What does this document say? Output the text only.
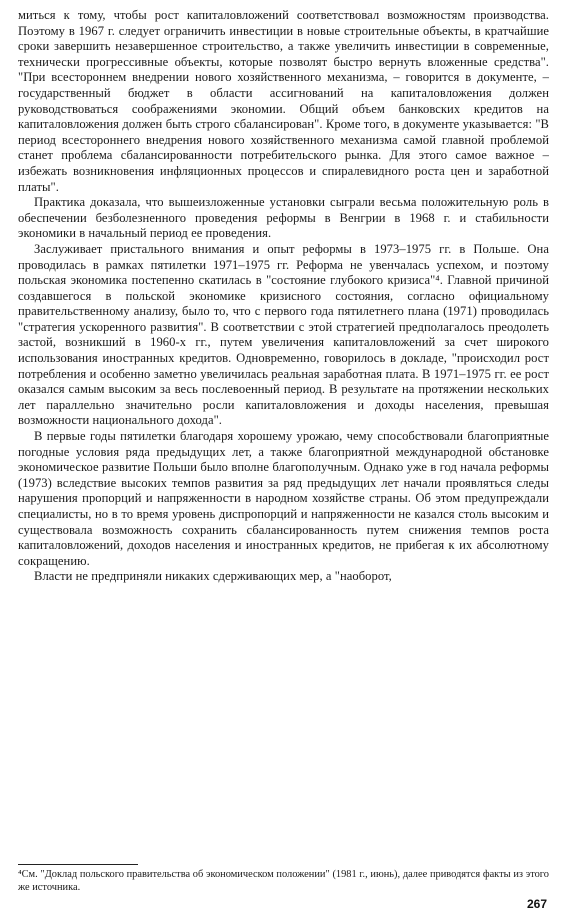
миться к тому, чтобы рост капиталовложений соответствовал возможностям производства. Поэтому в 1967 г. следует ограничить инвестиции в новые строительные объекты, в кратчайшие сроки завершить незавершенное строительство, а также увеличить инвестиции в современные, технически прогрессивные объекты, которые позволят быстро вернуть вложенные средства". "При всестороннем внедрении нового хозяйственного механизма, – говорится в документе, – государственный бюджет в области ассигнований на капиталовложения должен руководствоваться соображениями экономии. Общий объем банковских кредитов на капиталовложения должен быть строго сбалансирован". Кроме того, в документе указывается: "В период всестороннего внедрения нового хозяйственного механизма самой главной проблемой станет проблема сбалансированности потребительского рынка. Для этого самое важное – избежать возникновения инфляционных процессов и спиралевидного роста цен и заработной платы".

Практика доказала, что вышеизложенные установки сыграли весьма положительную роль в обеспечении безболезненного проведения реформы в Венгрии в 1968 г. и стабильности экономики в начальный период ее проведения.

Заслуживает пристального внимания и опыт реформы в 1973–1975 гг. в Польше. Она проводилась в рамках пятилетки 1971–1975 гг. Реформа не увенчалась успехом, и поэтому польская экономика постепенно скатилась в "состояние глубокого кризиса"⁴. Главной причиной создавшегося в польской экономике кризисного состояния, согласно официальному правительственному анализу, было то, что с первого года пятилетнего плана (1971) проводилась "стратегия ускоренного развития". В соответствии с этой стратегией предполагалось преодолеть застой, возникший в 1960-х гг., путем увеличения капиталовложений за счет широкого использования иностранных кредитов. Одновременно, говорилось в докладе, "происходил рост потребления и особенно заметно увеличилась реальная заработная плата. В 1971–1975 гг. ее рост оказался самым высоким за весь послевоенный период. В результате на протяжении нескольких лет параллельно значительно росли капиталовложения и доходы населения, превышая возможности национального дохода".

В первые годы пятилетки благодаря хорошему урожаю, чему способствовали благоприятные погодные условия ряда предыдущих лет, а также благоприятной международной обстановке экономическое развитие Польши было вполне благополучным. Однако уже в год начала реформы (1973) вследствие высоких темпов развития за ряд предыдущих лет начали проявляться следы нарушения пропорций и напряженности в народном хозяйстве страны. Об этом предупреждали специалисты, но в то время уровень диспропорций и напряженности не казался столь высоким и существовала возможность сохранить сбалансированность путем снижения темпов роста капиталовложений, доходов населения и иностранных кредитов, не прибегая к их абсолютному сокращению.

Власти не предприняли никаких сдерживающих мер, а "наоборот,

⁴См. "Доклад польского правительства об экономическом положении" (1981 г., июнь), далее приводятся факты из этого же источника.
267
